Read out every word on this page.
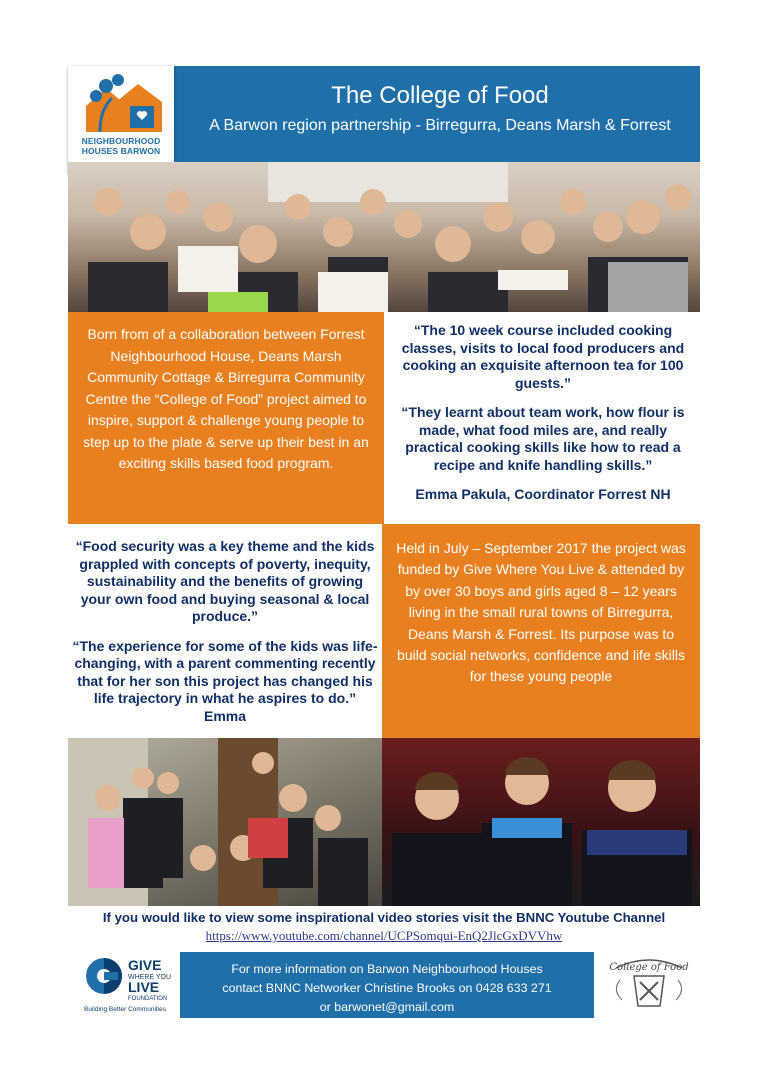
The College of Food
A Barwon region partnership - Birregurra, Deans Marsh & Forrest
NEIGHBOURHOOD
HOUSES BARWON

Born from of a collaboration between Forrest Neighbourhood House, Deans Marsh Community Cottage & Birregurra Community Centre the “College of Food” project aimed to inspire, support & challenge young people to step up to the plate & serve up their best in an exciting skills based food program.

“The 10 week course included cooking classes, visits to local food producers and cooking an exquisite afternoon tea for 100 guests.”

“They learnt about team work, how flour is made, what food miles are, and really practical cooking skills like how to read a recipe and knife handling skills.”

Emma Pakula, Coordinator Forrest NH

“Food security was a key theme and the kids grappled with concepts of poverty, inequity, sustainability and the benefits of growing your own food and buying seasonal & local produce.”

“The experience for some of the kids was life-changing, with a parent commenting recently that for her son this project has changed his life trajectory in what he aspires to do.” Emma

Held in July – September 2017 the project was funded by Give Where You Live & attended by by over 30 boys and girls aged 8 – 12 years living in the small rural towns of Birregurra, Deans Marsh & Forrest. Its purpose was to build social networks, confidence and life skills for these young people

If you would like to view some inspirational video stories visit the BNNC Youtube Channel
https://www.youtube.com/channel/UCPSomqui-EnQ2JlcGxDVVhw
GIVE
WHERE YOU
LIVE
FOUNDATION
Building Better Communities
For more information on Barwon Neighbourhood Houses
contact BNNC Networker Christine Brooks on 0428 633 271
or barwonet@gmail.com
College of Food
